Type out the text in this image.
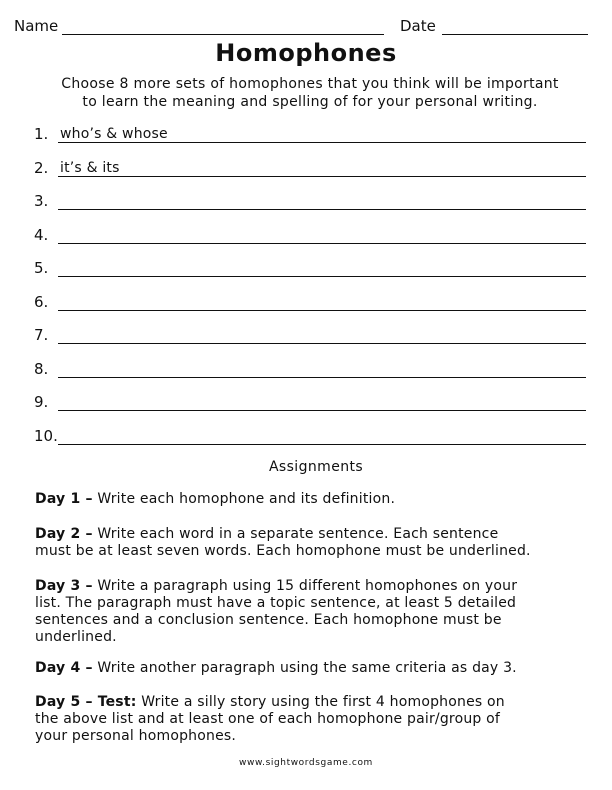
Name	Date
Homophones
Choose 8 more sets of homophones that you think will be important
to learn the meaning and spelling of for your personal writing.
1. who’s & whose
2. it’s & its
3.
4.
5.
6.
7.
8.
9.
10.
Assignments
Day 1 – Write each homophone and its definition.
Day 2 – Write each word in a separate sentence. Each sentence
must be at least seven words. Each homophone must be underlined.
Day 3 – Write a paragraph using 15 different homophones on your
list. The paragraph must have a topic sentence, at least 5 detailed
sentences and a conclusion sentence. Each homophone must be
underlined.
Day 4 – Write another paragraph using the same criteria as day 3.
Day 5 – Test: Write a silly story using the first 4 homophones on
the above list and at least one of each homophone pair/group of
your personal homophones.
www.sightwordsgame.com
